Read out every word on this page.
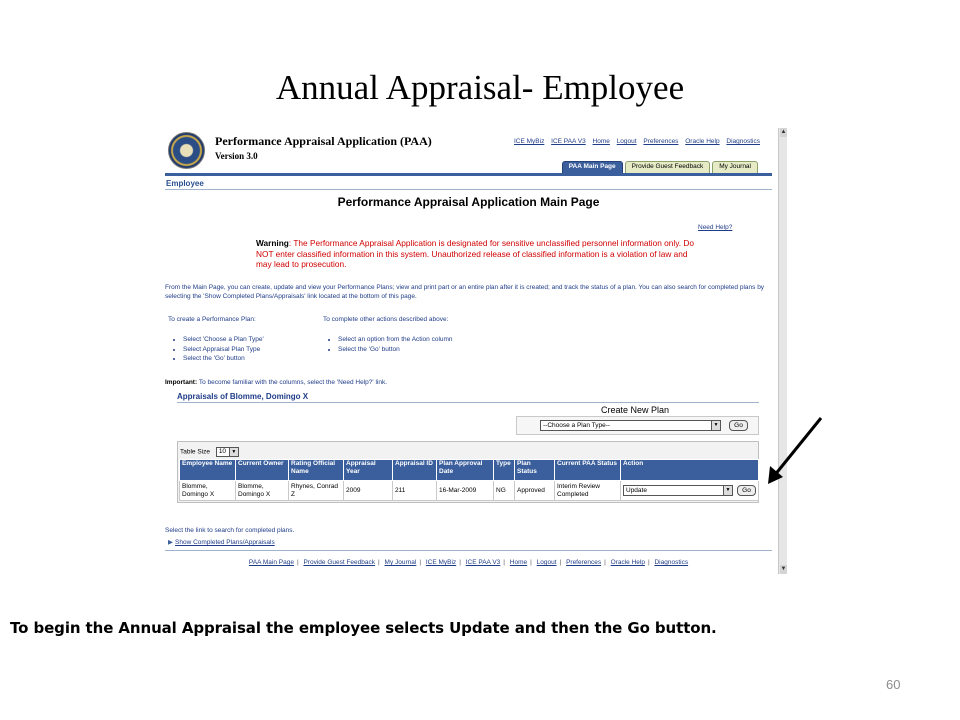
Annual Appraisal- Employee
▲
▼
Performance Appraisal Application (PAA)
Version 3.0
ICE MyBiz ICE PAA V3 Home Logout Preferences Oracle Help Diagnostics
PAA Main Page	Provide Guest Feedback	My Journal
Employee
Performance Appraisal Application Main Page
Need Help?
Warning: The Performance Appraisal Application is designated for sensitive unclassified personnel information only. Do NOT enter classified information in this system. Unauthorized release of classified information is a violation of law and may lead to prosecution.
From the Main Page, you can create, update and view your Performance Plans; view and print part or an entire plan after it is created; and track the status of a plan. You can also search for completed plans by selecting the 'Show Completed Plans/Appraisals' link located at the bottom of this page.
To create a Performance Plan:
• Select 'Choose a Plan Type'
• Select Appraisal Plan Type
• Select the 'Go' button
To complete other actions described above:
• Select an option from the Action column
• Select the 'Go' button
Important: To become familiar with the columns, select the 'Need Help?' link.
Appraisals of Blomme, Domingo X
Create New Plan
--Choose a Plan Type--	▼	Go
Table Size 10	▼
Employee Name	Current Owner	Rating Official Name	Appraisal Year	Appraisal ID	Plan Approval Date	Type	Plan Status	Current PAA Status	Action
Blomme, Domingo X	Blomme, Domingo X	Rhynes, Conrad Z	2009	211	16-Mar-2009	NG	Approved	Interim Review Completed	Update ▼ Go
Select the link to search for completed plans.
▶ Show Completed Plans/Appraisals
PAA Main Page | Provide Guest Feedback | My Journal | ICE MyBiz | ICE PAA V3 | Home | Logout | Preferences | Oracle Help | Diagnostics
To begin the Annual Appraisal the employee selects Update and then the Go button.
60
